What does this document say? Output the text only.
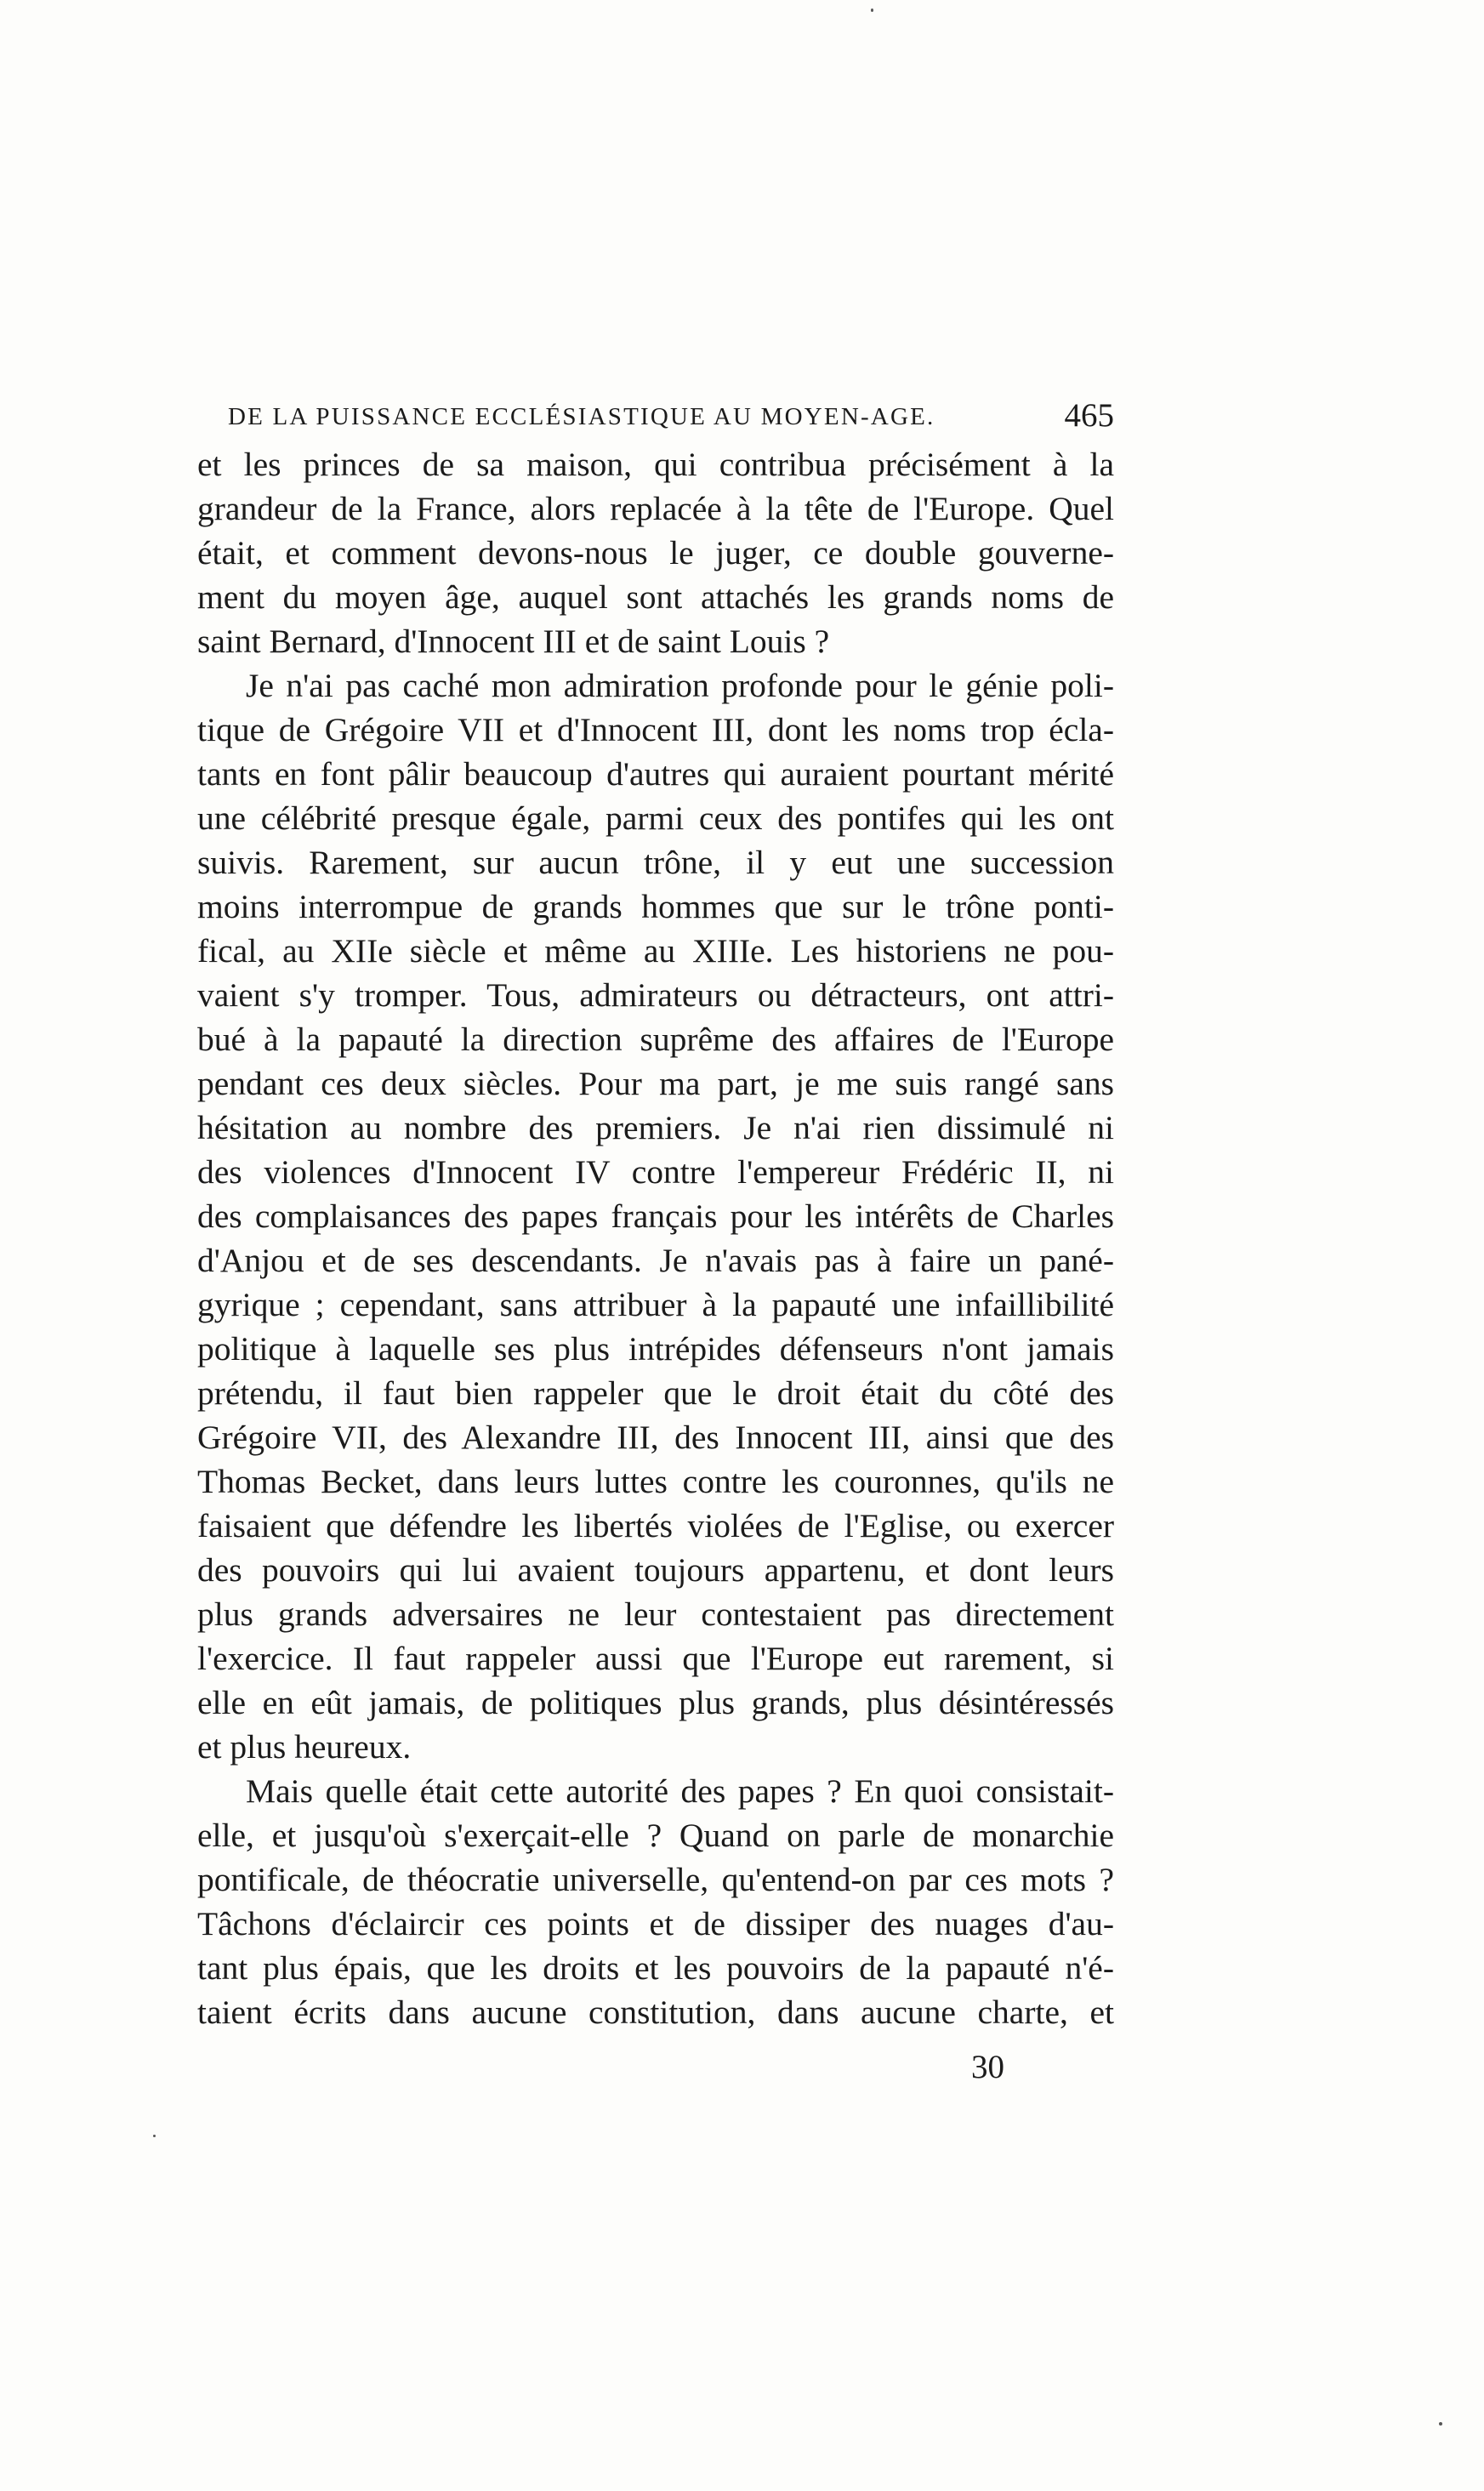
DE LA PUISSANCE ECCLÉSIASTIQUE AU MOYEN-AGE.	465
et les princes de sa maison, qui contribua précisément à la
grandeur de la France, alors replacée à la tête de l'Europe. Quel
était, et comment devons-nous le juger, ce double gouverne-
ment du moyen âge, auquel sont attachés les grands noms de
saint Bernard, d'Innocent III et de saint Louis ?
Je n'ai pas caché mon admiration profonde pour le génie poli-
tique de Grégoire VII et d'Innocent III, dont les noms trop écla-
tants en font pâlir beaucoup d'autres qui auraient pourtant mérité
une célébrité presque égale, parmi ceux des pontifes qui les ont
suivis. Rarement, sur aucun trône, il y eut une succession
moins interrompue de grands hommes que sur le trône ponti-
fical, au XIIe siècle et même au XIIIe. Les historiens ne pou-
vaient s'y tromper. Tous, admirateurs ou détracteurs, ont attri-
bué à la papauté la direction suprême des affaires de l'Europe
pendant ces deux siècles. Pour ma part, je me suis rangé sans
hésitation au nombre des premiers. Je n'ai rien dissimulé ni
des violences d'Innocent IV contre l'empereur Frédéric II, ni
des complaisances des papes français pour les intérêts de Charles
d'Anjou et de ses descendants. Je n'avais pas à faire un pané-
gyrique ; cependant, sans attribuer à la papauté une infaillibilité
politique à laquelle ses plus intrépides défenseurs n'ont jamais
prétendu, il faut bien rappeler que le droit était du côté des
Grégoire VII, des Alexandre III, des Innocent III, ainsi que des
Thomas Becket, dans leurs luttes contre les couronnes, qu'ils ne
faisaient que défendre les libertés violées de l'Eglise, ou exercer
des pouvoirs qui lui avaient toujours appartenu, et dont leurs
plus grands adversaires ne leur contestaient pas directement
l'exercice. Il faut rappeler aussi que l'Europe eut rarement, si
elle en eût jamais, de politiques plus grands, plus désintéressés
et plus heureux.
Mais quelle était cette autorité des papes ? En quoi consistait-
elle, et jusqu'où s'exerçait-elle ? Quand on parle de monarchie
pontificale, de théocratie universelle, qu'entend-on par ces mots ?
Tâchons d'éclaircir ces points et de dissiper des nuages d'au-
tant plus épais, que les droits et les pouvoirs de la papauté n'é-
taient écrits dans aucune constitution, dans aucune charte, et
30
